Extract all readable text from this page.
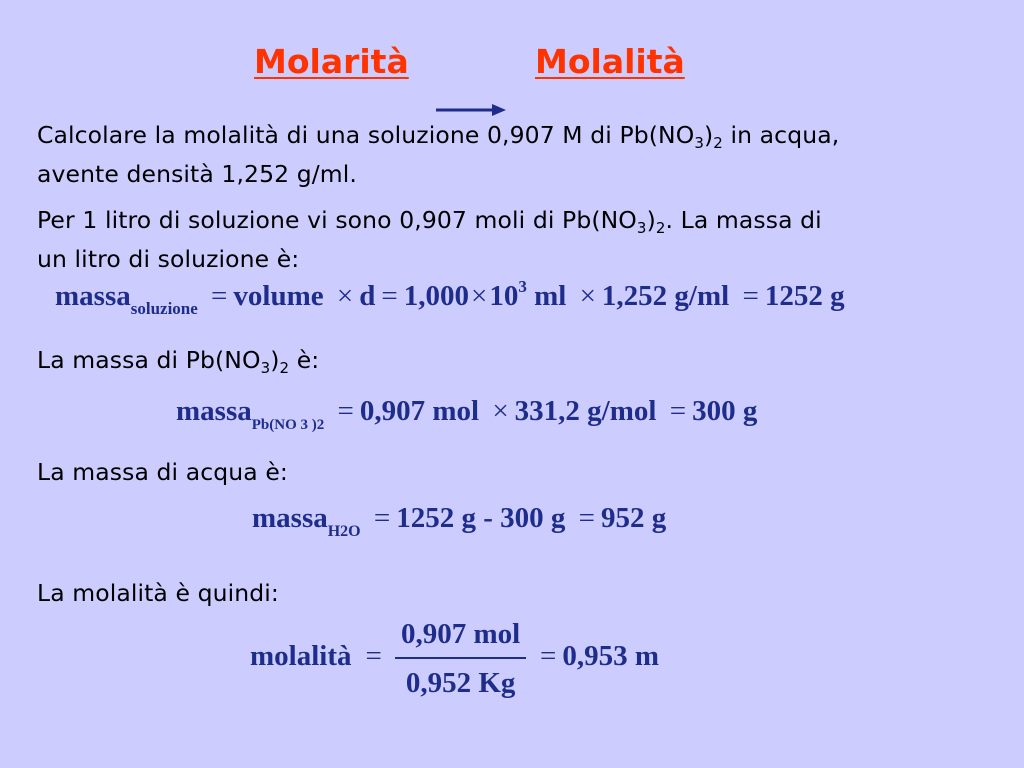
Molarità	Molalità
Calcolare la molalità di una soluzione 0,907 M di $Pb(NO_3)_2$ in acqua,
avente densità 1,252 g/ml.
Per 1 litro di soluzione vi sono 0,907 moli di $Pb(NO_3)_2$. La massa di
un litro di soluzione è:
massa$_{soluzione}$ = volume × $d = 1,000\times 10^3$ ml × 1,252 g/ml = 1252 g
La massa di $Pb(NO_3)_2$ è:
massa$_{Pb(NO 3 )2}$ = 0,907 mol × 331,2 g/mol = 300 g
La massa di acqua è:
massa$_{H2O}$ = 1252 g - 300 g = 952 g
La molalità è quindi:
molalità =
0,907 mol
0,952 Kg
= 0,953 m
